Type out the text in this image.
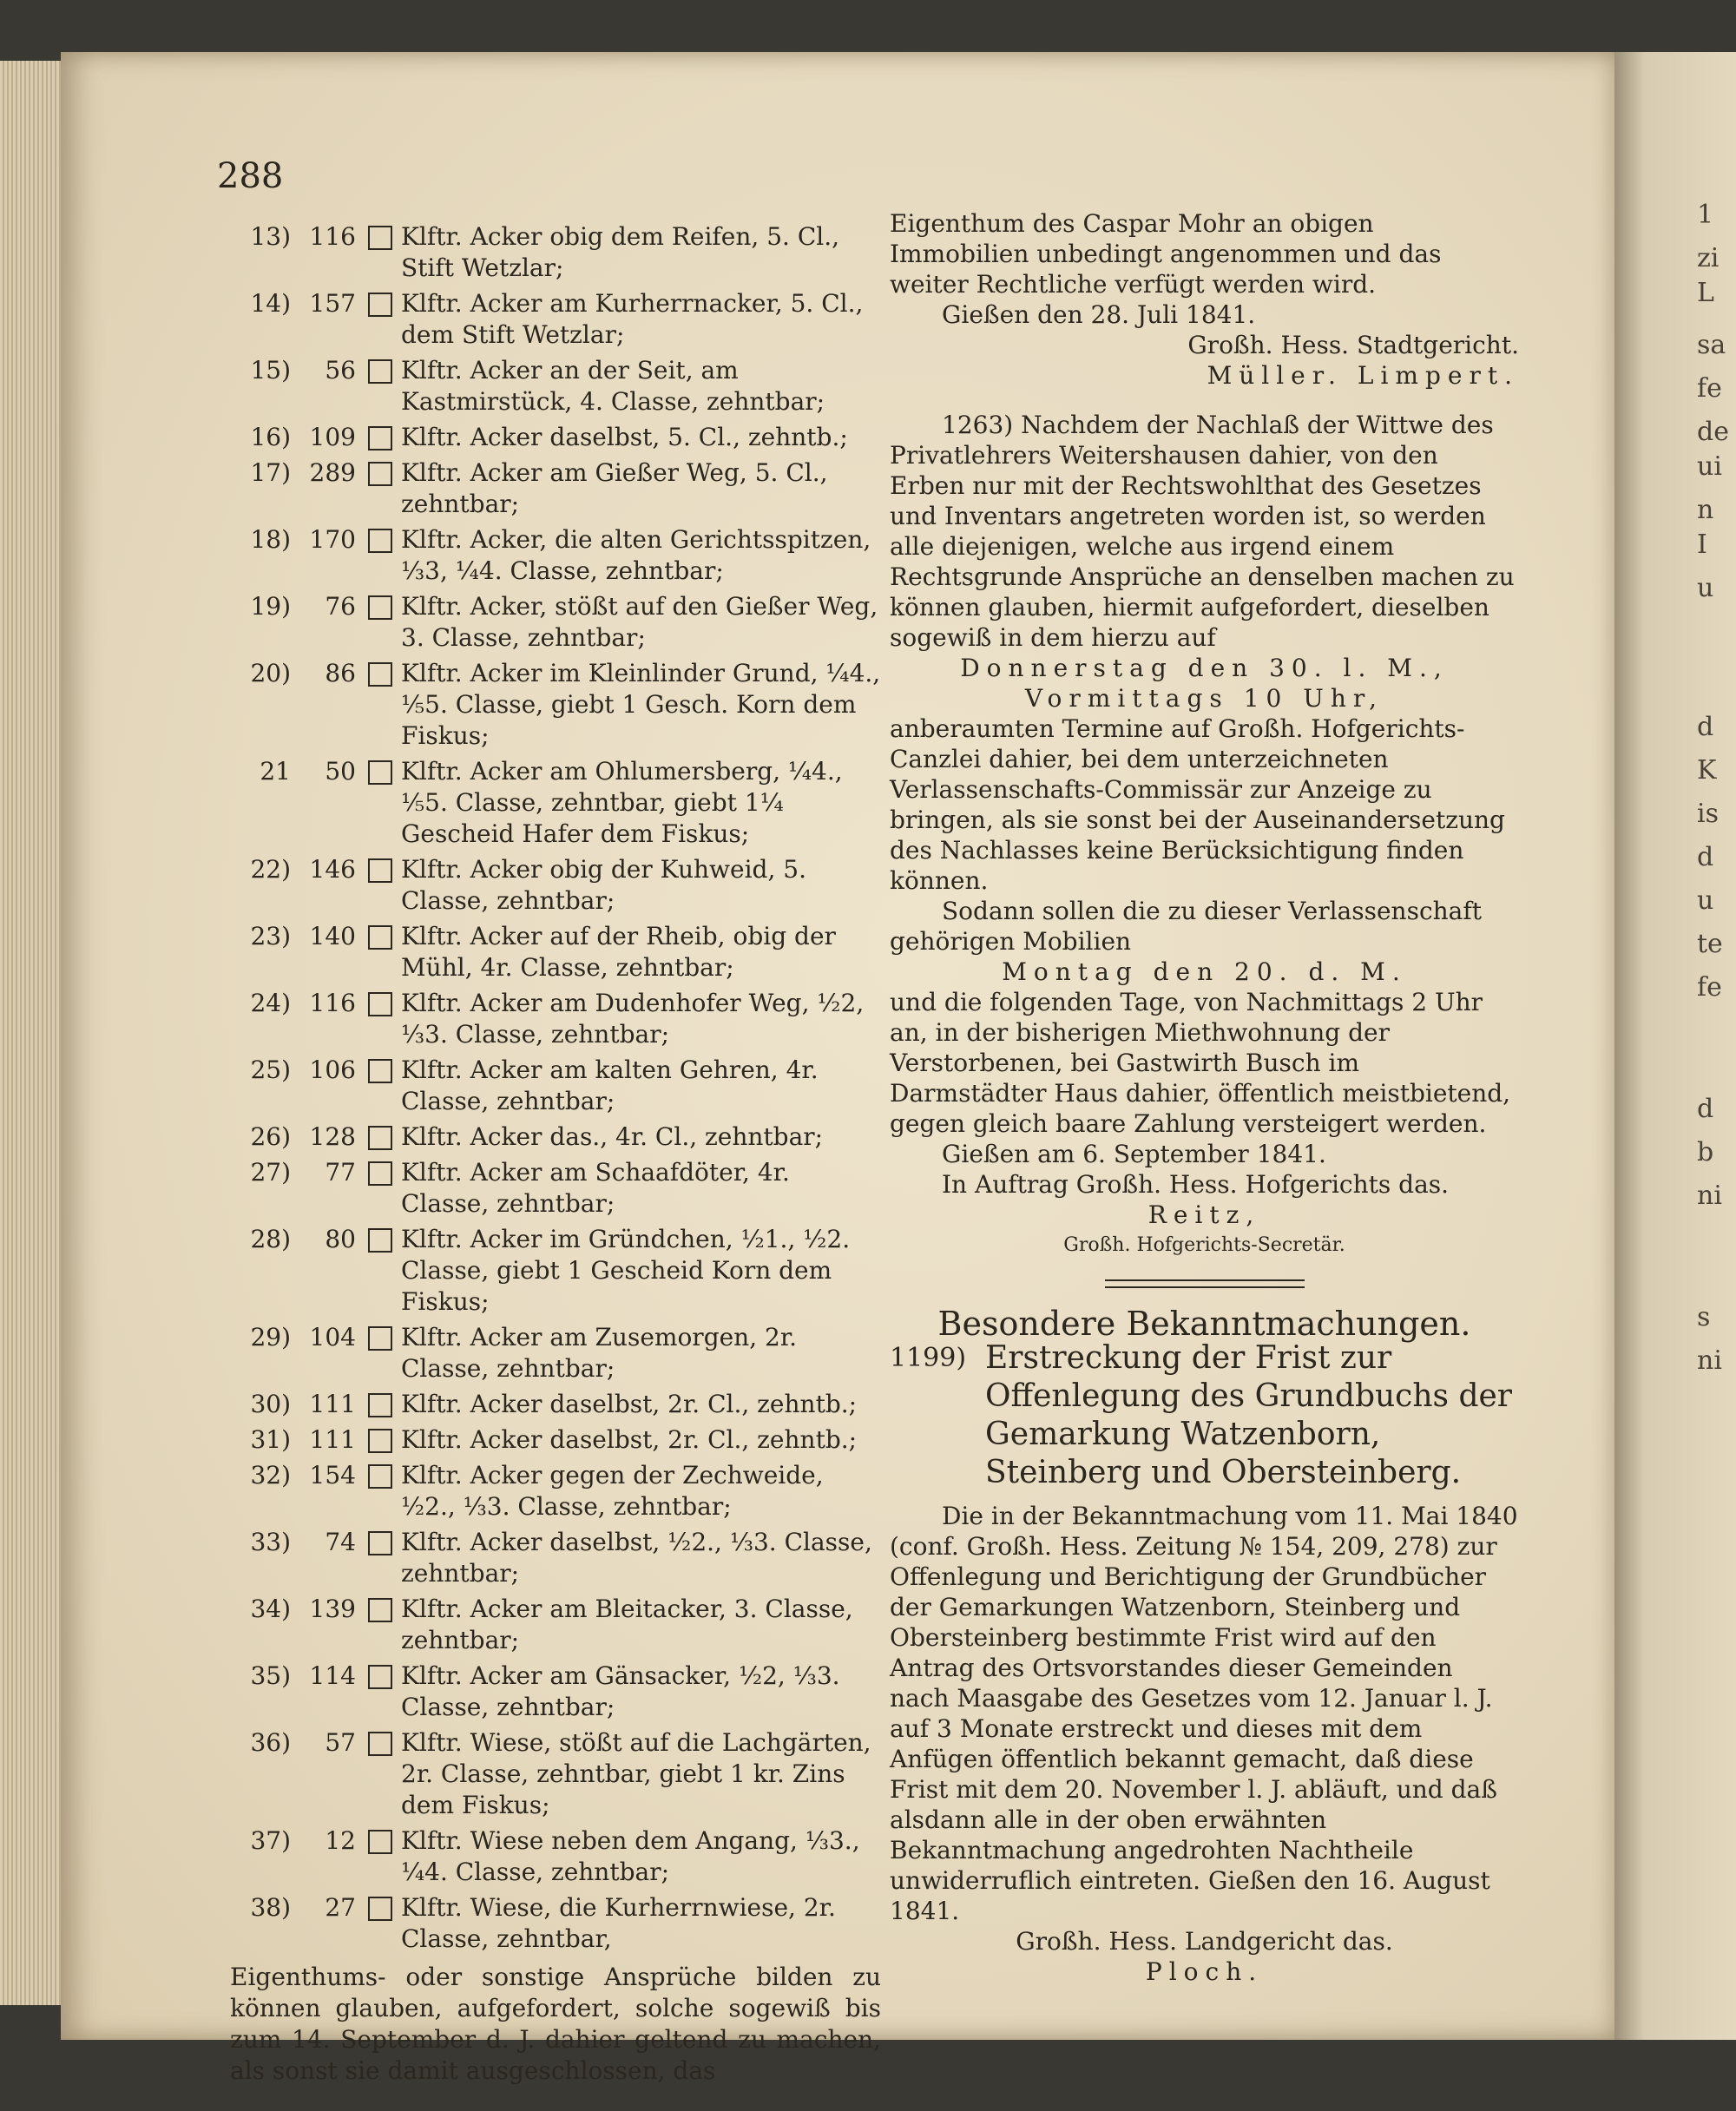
1
zi
L
sa
fe
de
ui
n
I
u
d
K
is
d
u
te
fe
d
b
ni
s
ni
288
13) 116 Klftr. Acker obig dem Reifen, 5. Cl., Stift Wetzlar;
14) 157 Klftr. Acker am Kurherrnacker, 5. Cl., dem Stift Wetzlar;
15)	56 Klftr. Acker an der Seit, am Kastmirstück, 4. Classe, zehntbar;
16) 109 Klftr. Acker daselbst, 5. Cl., zehntb.;
17) 289 Klftr. Acker am Gießer Weg, 5. Cl., zehntbar;
18) 170 Klftr. Acker, die alten Gerichtsspitzen, ⅓3, ¼4. Classe, zehntbar;
19)	76 Klftr. Acker, stößt auf den Gießer Weg, 3. Classe, zehntbar;
20)	86 Klftr. Acker im Kleinlinder Grund, ¼4., ⅕5. Classe, giebt 1 Gesch. Korn dem Fiskus;
21	50 Klftr. Acker am Ohlumersberg, ¼4., ⅕5. Classe, zehntbar, giebt 1¼ Gescheid Hafer dem Fiskus;
22) 146 Klftr. Acker obig der Kuhweid, 5. Classe, zehntbar;
23) 140 Klftr. Acker auf der Rheib, obig der Mühl, 4r. Classe, zehntbar;
24) 116 Klftr. Acker am Dudenhofer Weg, ½2, ⅓3. Classe, zehntbar;
25) 106 Klftr. Acker am kalten Gehren, 4r. Classe, zehntbar;
26) 128 Klftr. Acker das., 4r. Cl., zehntbar;
27)	77 Klftr. Acker am Schaafdöter, 4r. Classe, zehntbar;
28)	80 Klftr. Acker im Gründchen, ½1., ½2. Classe, giebt 1 Gescheid Korn dem Fiskus;
29) 104 Klftr. Acker am Zusemorgen, 2r. Classe, zehntbar;
30) 111 Klftr. Acker daselbst, 2r. Cl., zehntb.;
31) 111 Klftr. Acker daselbst, 2r. Cl., zehntb.;
32) 154 Klftr. Acker gegen der Zechweide, ½2., ⅓3. Classe, zehntbar;
33)	74 Klftr. Acker daselbst, ½2., ⅓3. Classe, zehntbar;
34) 139 Klftr. Acker am Bleitacker, 3. Classe, zehntbar;
35) 114 Klftr. Acker am Gänsacker, ½2, ⅓3. Classe, zehntbar;
36)	57 Klftr. Wiese, stößt auf die Lachgärten, 2r. Classe, zehntbar, giebt 1 kr. Zins dem Fiskus;
37)	12 Klftr. Wiese neben dem Angang, ⅓3., ¼4. Classe, zehntbar;
38)	27 Klftr. Wiese, die Kurherrnwiese, 2r. Classe, zehntbar,

Eigenthums- oder sonstige Ansprüche bilden zu können glauben, aufgefordert, solche sogewiß bis zum 14. September d. J. dahier geltend zu machen, als sonst sie damit ausgeschlossen, das

Eigenthum des Caspar Mohr an obigen Immobilien unbedingt angenommen und das weiter Rechtliche verfügt werden wird.

Gießen den 28. Juli 1841.

Großh. Hess. Stadtgericht.

Müller. Limpert.

1263) Nachdem der Nachlaß der Wittwe des Privatlehrers Weitershausen dahier, von den Erben nur mit der Rechtswohlthat des Gesetzes und Inventars angetreten worden ist, so werden alle diejenigen, welche aus irgend einem Rechtsgrunde Ansprüche an denselben machen zu können glauben, hiermit aufgefordert, dieselben sogewiß in dem hierzu auf

Donnerstag den 30. l. M.,

Vormittags 10 Uhr,

anberaumten Termine auf Großh. Hofgerichts-Canzlei dahier, bei dem unterzeichneten Verlassenschafts-Commissär zur Anzeige zu bringen, als sie sonst bei der Auseinandersetzung des Nachlasses keine Berücksichtigung finden können.

Sodann sollen die zu dieser Verlassenschaft gehörigen Mobilien

Montag den 20. d. M.

und die folgenden Tage, von Nachmittags 2 Uhr an, in der bisherigen Miethwohnung der Verstorbenen, bei Gastwirth Busch im Darmstädter Haus dahier, öffentlich meistbietend, gegen gleich baare Zahlung versteigert werden.

Gießen am 6. September 1841.

In Auftrag Großh. Hess. Hofgerichts das.

Reitz,

Großh. Hofgerichts-Secretär.

Besondere Bekanntmachungen.

1199) Erstreckung der Frist zur Offenlegung des Grundbuchs der Gemarkung Watzenborn, Steinberg und Obersteinberg.

Die in der Bekanntmachung vom 11. Mai 1840 (conf. Großh. Hess. Zeitung № 154, 209, 278) zur Offenlegung und Berichtigung der Grundbücher der Gemarkungen Watzenborn, Steinberg und Obersteinberg bestimmte Frist wird auf den Antrag des Ortsvorstandes dieser Gemeinden nach Maasgabe des Gesetzes vom 12. Januar l. J. auf 3 Monate erstreckt und dieses mit dem Anfügen öffentlich bekannt gemacht, daß diese Frist mit dem 20. November l. J. abläuft, und daß alsdann alle in der oben erwähnten Bekanntmachung angedrohten Nachtheile unwiderruflich eintreten. Gießen den 16. August 1841.

Großh. Hess. Landgericht das.

Ploch.
